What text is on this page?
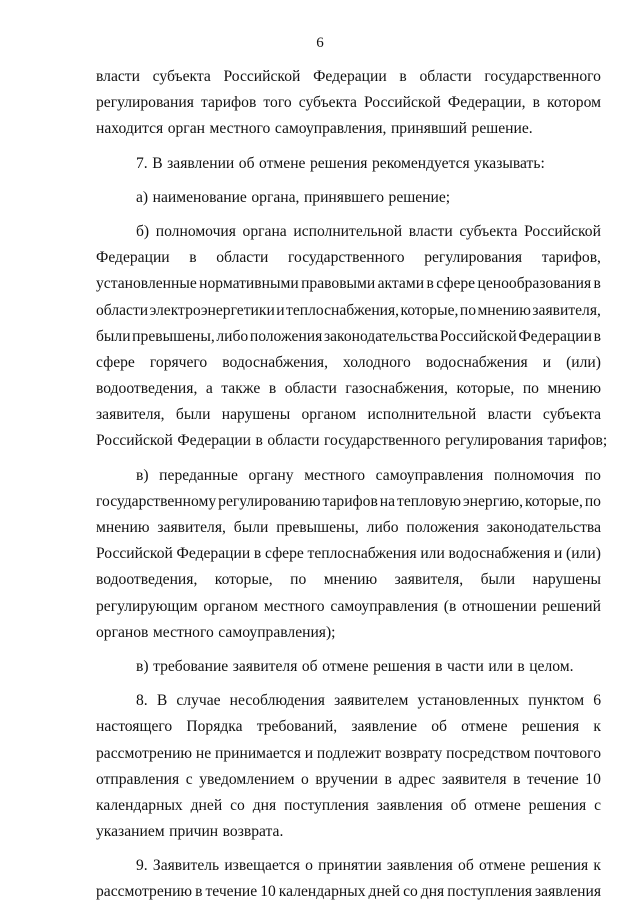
6
власти субъекта Российской Федерации в области государственного
регулирования тарифов того субъекта Российской Федерации, в котором
находится орган местного самоуправления, принявший решение.
7. В заявлении об отмене решения рекомендуется указывать:
а) наименование органа, принявшего решение;
б) полномочия органа исполнительной власти субъекта Российской
Федерации в области государственного регулирования тарифов,
установленные нормативными правовыми актами в сфере ценообразования в
области электроэнергетики и теплоснабжения, которые, по мнению заявителя,
были превышены, либо положения законодательства Российской Федерации в
сфере горячего водоснабжения, холодного водоснабжения и (или)
водоотведения, а также в области газоснабжения, которые, по мнению
заявителя, были нарушены органом исполнительной власти субъекта
Российской Федерации в области государственного регулирования тарифов;
в) переданные органу местного самоуправления полномочия по
государственному регулированию тарифов на тепловую энергию, которые, по
мнению заявителя, были превышены, либо положения законодательства
Российской Федерации в сфере теплоснабжения или водоснабжения и (или)
водоотведения, которые, по мнению заявителя, были нарушены
регулирующим органом местного самоуправления (в отношении решений
органов местного самоуправления);
в) требование заявителя об отмене решения в части или в целом.
8. В случае несоблюдения заявителем установленных пунктом 6
настоящего Порядка требований, заявление об отмене решения к
рассмотрению не принимается и подлежит возврату посредством почтового
отправления с уведомлением о вручении в адрес заявителя в течение 10
календарных дней со дня поступления заявления об отмене решения с
указанием причин возврата.
9. Заявитель извещается о принятии заявления об отмене решения к
рассмотрению в течение 10 календарных дней со дня поступления заявления
